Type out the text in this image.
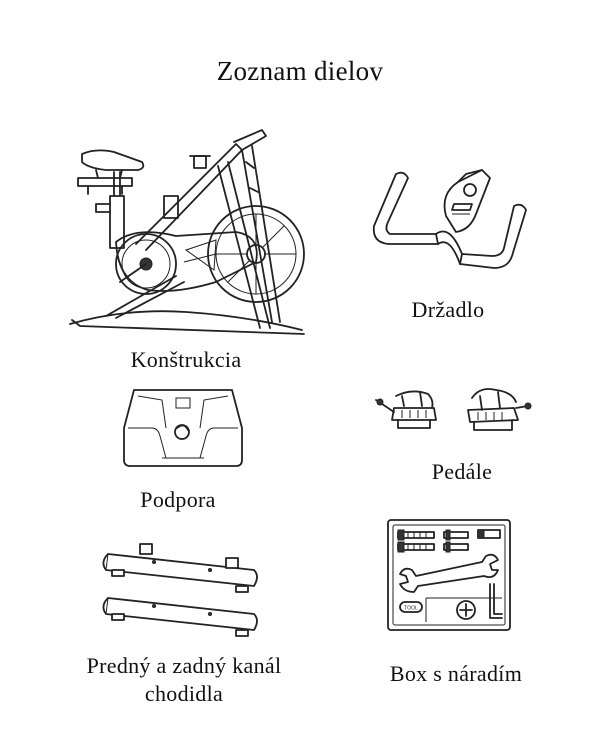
Zoznam dielov
Konštrukcia
Držadlo
Podpora
Pedále
Predný a zadný kanál
chodidla
TOOL
Box s náradím
